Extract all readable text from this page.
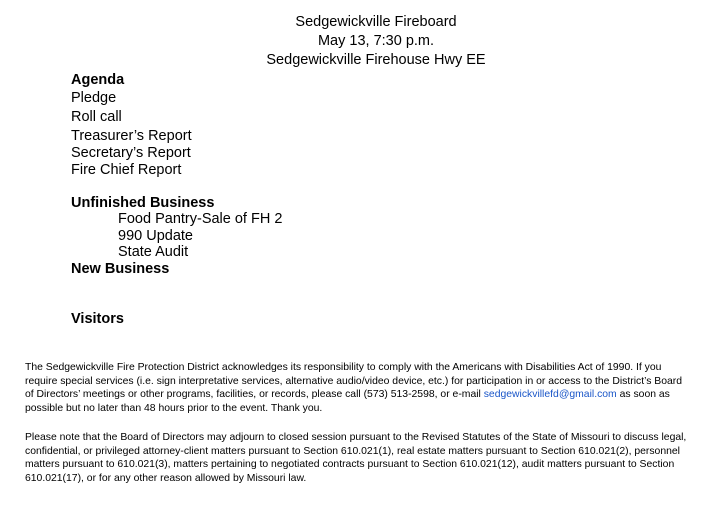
Sedgewickville Fireboard
May 13, 7:30 p.m.
Sedgewickville Firehouse Hwy EE
Agenda
Pledge
Roll call
Treasurer’s Report
Secretary’s Report
Fire Chief Report
Unfinished Business
Food Pantry-Sale of FH 2
990 Update
State Audit
New Business
Visitors
The Sedgewickville Fire Protection District acknowledges its responsibility to comply with the Americans with Disabilities Act of 1990. If you require special services (i.e. sign interpretative services, alternative audio/video device, etc.) for participation in or access to the District’s Board of Directors’ meetings or other programs, facilities, or records, please call (573) 513-2598, or e-mail sedgewickvillefd@gmail.com as soon as possible but no later than 48 hours prior to the event. Thank you.
Please note that the Board of Directors may adjourn to closed session pursuant to the Revised Statutes of the State of Missouri to discuss legal, confidential, or privileged attorney-client matters pursuant to Section 610.021(1), real estate matters pursuant to Section 610.021(2), personnel matters pursuant to 610.021(3), matters pertaining to negotiated contracts pursuant to Section 610.021(12), audit matters pursuant to Section 610.021(17), or for any other reason allowed by Missouri law.
